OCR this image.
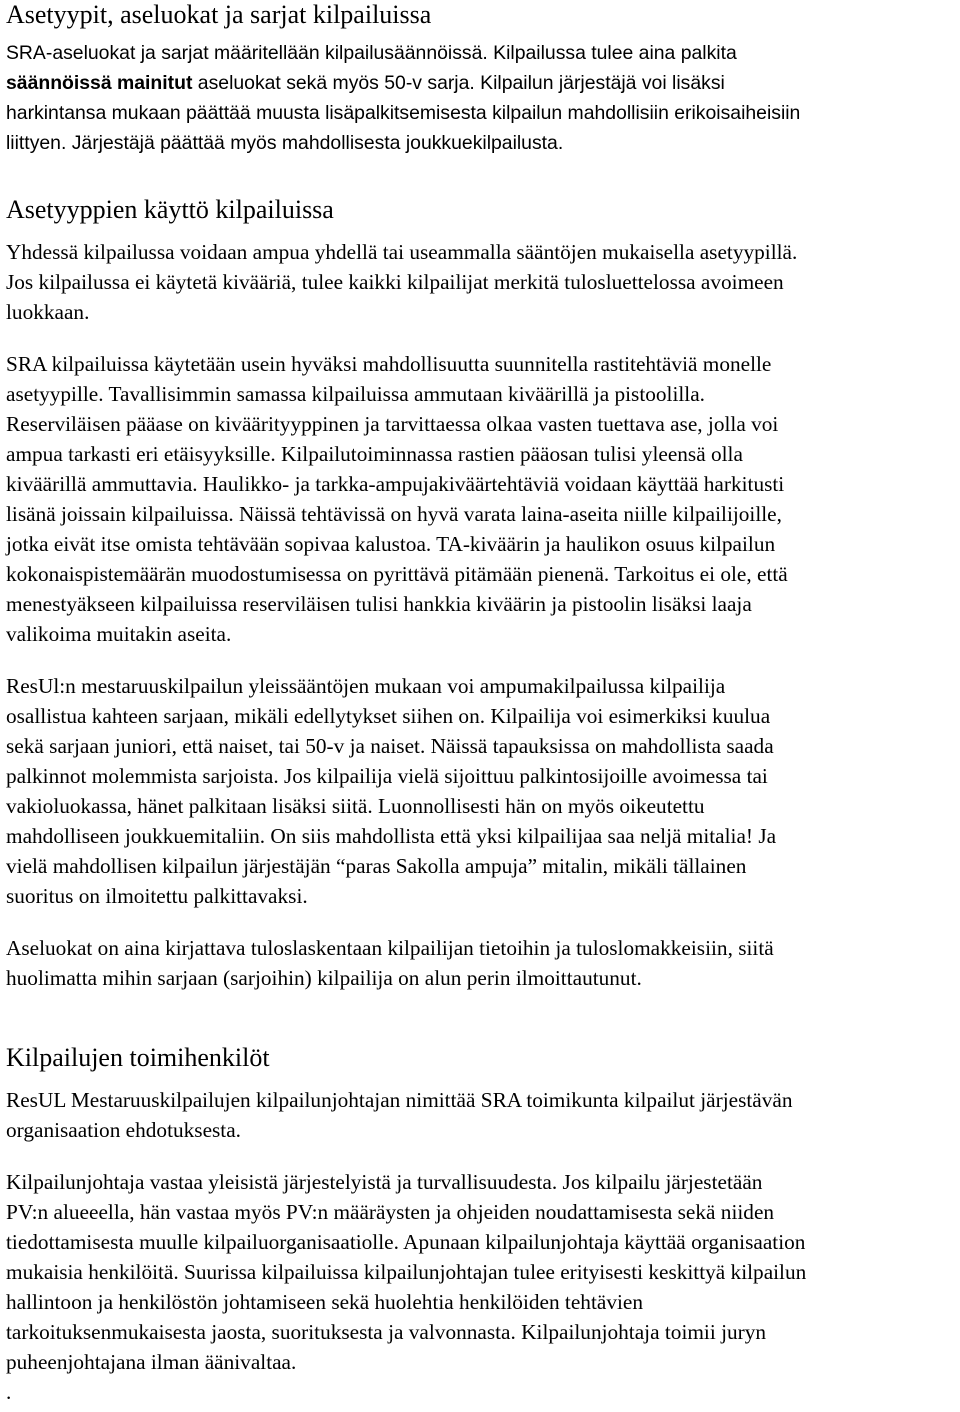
Asetyypit, aseluokat ja sarjat kilpailuissa

SRA-aseluokat ja sarjat määritellään kilpailusäännöissä. Kilpailussa tulee aina palkita
säännöissä mainitut aseluokat sekä myös 50-v sarja. Kilpailun järjestäjä voi lisäksi
harkintansa mukaan päättää muusta lisäpalkitsemisesta kilpailun mahdollisiin erikoisaiheisiin
liittyen. Järjestäjä päättää myös mahdollisesta joukkuekilpailusta.

Asetyyppien käyttö kilpailuissa

Yhdessä kilpailussa voidaan ampua yhdellä tai useammalla sääntöjen mukaisella asetyypillä.
Jos kilpailussa ei käytetä kivääriä, tulee kaikki kilpailijat merkitä tulosluettelossa avoimeen
luokkaan.

SRA kilpailuissa käytetään usein hyväksi mahdollisuutta suunnitella rastitehtäviä monelle
asetyypille. Tavallisimmin samassa kilpailuissa ammutaan kiväärillä ja pistoolilla.
Reserviläisen pääase on kiväärityyppinen ja tarvittaessa olkaa vasten tuettava ase, jolla voi
ampua tarkasti eri etäisyyksille. Kilpailutoiminnassa rastien pääosan tulisi yleensä olla
kiväärillä ammuttavia. Haulikko- ja tarkka-ampujakiväärtehtäviä voidaan käyttää harkitusti
lisänä joissain kilpailuissa. Näissä tehtävissä on hyvä varata laina-aseita niille kilpailijoille,
jotka eivät itse omista tehtävään sopivaa kalustoa. TA-kiväärin ja haulikon osuus kilpailun
kokonaispistemäärän muodostumisessa on pyrittävä pitämään pienenä. Tarkoitus ei ole, että
menestyäkseen kilpailuissa reserviläisen tulisi hankkia kiväärin ja pistoolin lisäksi laaja
valikoima muitakin aseita.

ResUl:n mestaruuskilpailun yleissääntöjen mukaan voi ampumakilpailussa kilpailija
osallistua kahteen sarjaan, mikäli edellytykset siihen on. Kilpailija voi esimerkiksi kuulua
sekä sarjaan juniori, että naiset, tai 50-v ja naiset. Näissä tapauksissa on mahdollista saada
palkinnot molemmista sarjoista. Jos kilpailija vielä sijoittuu palkintosijoille avoimessa tai
vakioluokassa, hänet palkitaan lisäksi siitä. Luonnollisesti hän on myös oikeutettu
mahdolliseen joukkuemitaliin. On siis mahdollista että yksi kilpailijaa saa neljä mitalia! Ja
vielä mahdollisen kilpailun järjestäjän “paras Sakolla ampuja” mitalin, mikäli tällainen
suoritus on ilmoitettu palkittavaksi.

Aseluokat on aina kirjattava tuloslaskentaan kilpailijan tietoihin ja tuloslomakkeisiin, siitä
huolimatta mihin sarjaan (sarjoihin) kilpailija on alun perin ilmoittautunut.

Kilpailujen toimihenkilöt

ResUL Mestaruuskilpailujen kilpailunjohtajan nimittää SRA toimikunta kilpailut järjestävän
organisaation ehdotuksesta.

Kilpailunjohtaja vastaa yleisistä järjestelyistä ja turvallisuudesta. Jos kilpailu järjestetään
PV:n alueeella, hän vastaa myös PV:n määräysten ja ohjeiden noudattamisesta sekä niiden
tiedottamisesta muulle kilpailuorganisaatiolle. Apunaan kilpailunjohtaja käyttää organisaation
mukaisia henkilöitä. Suurissa kilpailuissa kilpailunjohtajan tulee erityisesti keskittyä kilpailun
hallintoon ja henkilöstön johtamiseen sekä huolehtia henkilöiden tehtävien
tarkoituksenmukaisesta jaosta, suorituksesta ja valvonnasta. Kilpailunjohtaja toimii juryn
puheenjohtajana ilman äänivaltaa.

.
